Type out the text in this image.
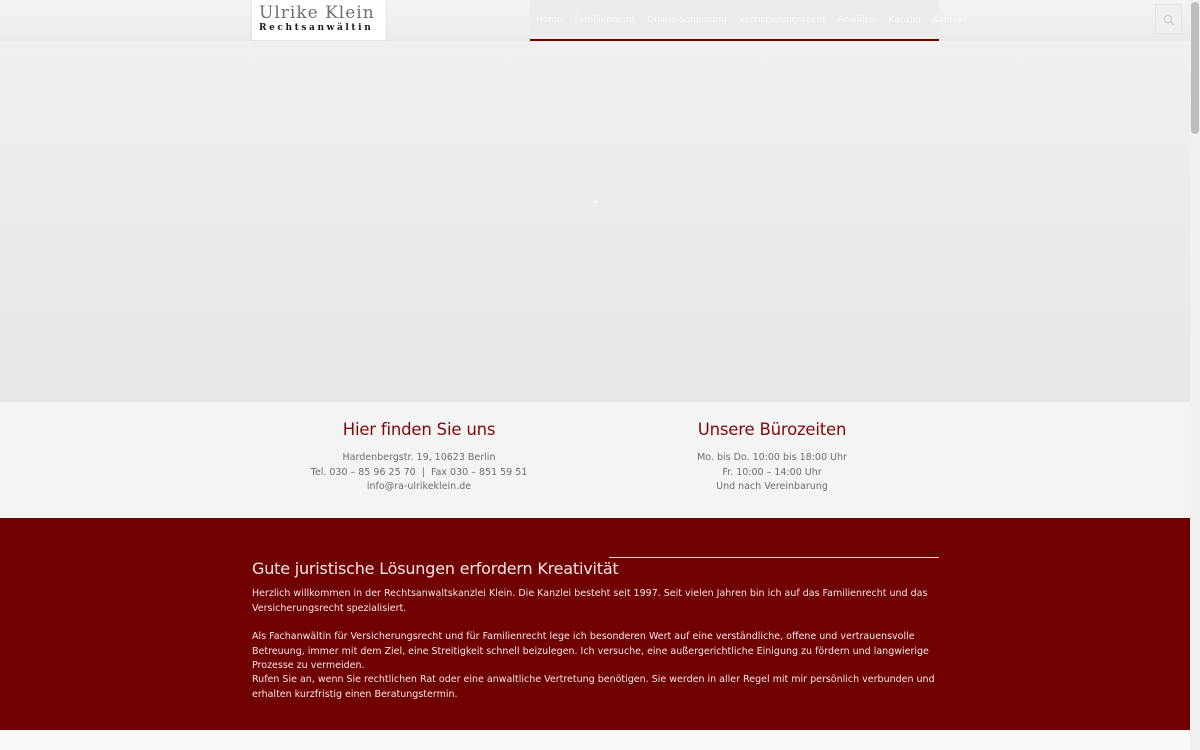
Ulrike Klein
Rechtsanwältin
Home	Familienrecht	Online-Scheidung	Versicherungsrecht	Anwältin	Kanzlei	Kontakt
Hier finden Sie uns
Hardenbergstr. 19, 10623 Berlin
Tel. 030 – 85 96 25 70  |  Fax 030 – 851 59 51
info@ra-ulrikeklein.de
Unsere Bürozeiten
Mo. bis Do. 10:00 bis 18:00 Uhr
Fr. 10:00 – 14:00 Uhr
Und nach Vereinbarung
Gute juristische Lösungen erfordern Kreativität

Herzlich willkommen in der Rechtsanwaltskanzlei Klein. Die Kanzlei besteht seit 1997. Seit vielen Jahren bin ich auf das Familienrecht und das Versicherungsrecht spezialisiert.

Als Fachanwältin für Versicherungsrecht und für Familienrecht lege ich besonderen Wert auf eine verständliche, offene und vertrauensvolle Betreuung, immer mit dem Ziel, eine Streitigkeit schnell beizulegen. Ich versuche, eine außergerichtliche Einigung zu fördern und langwierige Prozesse zu vermeiden.

Rufen Sie an, wenn Sie rechtlichen Rat oder eine anwaltliche Vertretung benötigen. Sie werden in aller Regel mit mir persönlich verbunden und erhalten kurzfristig einen Beratungstermin.
